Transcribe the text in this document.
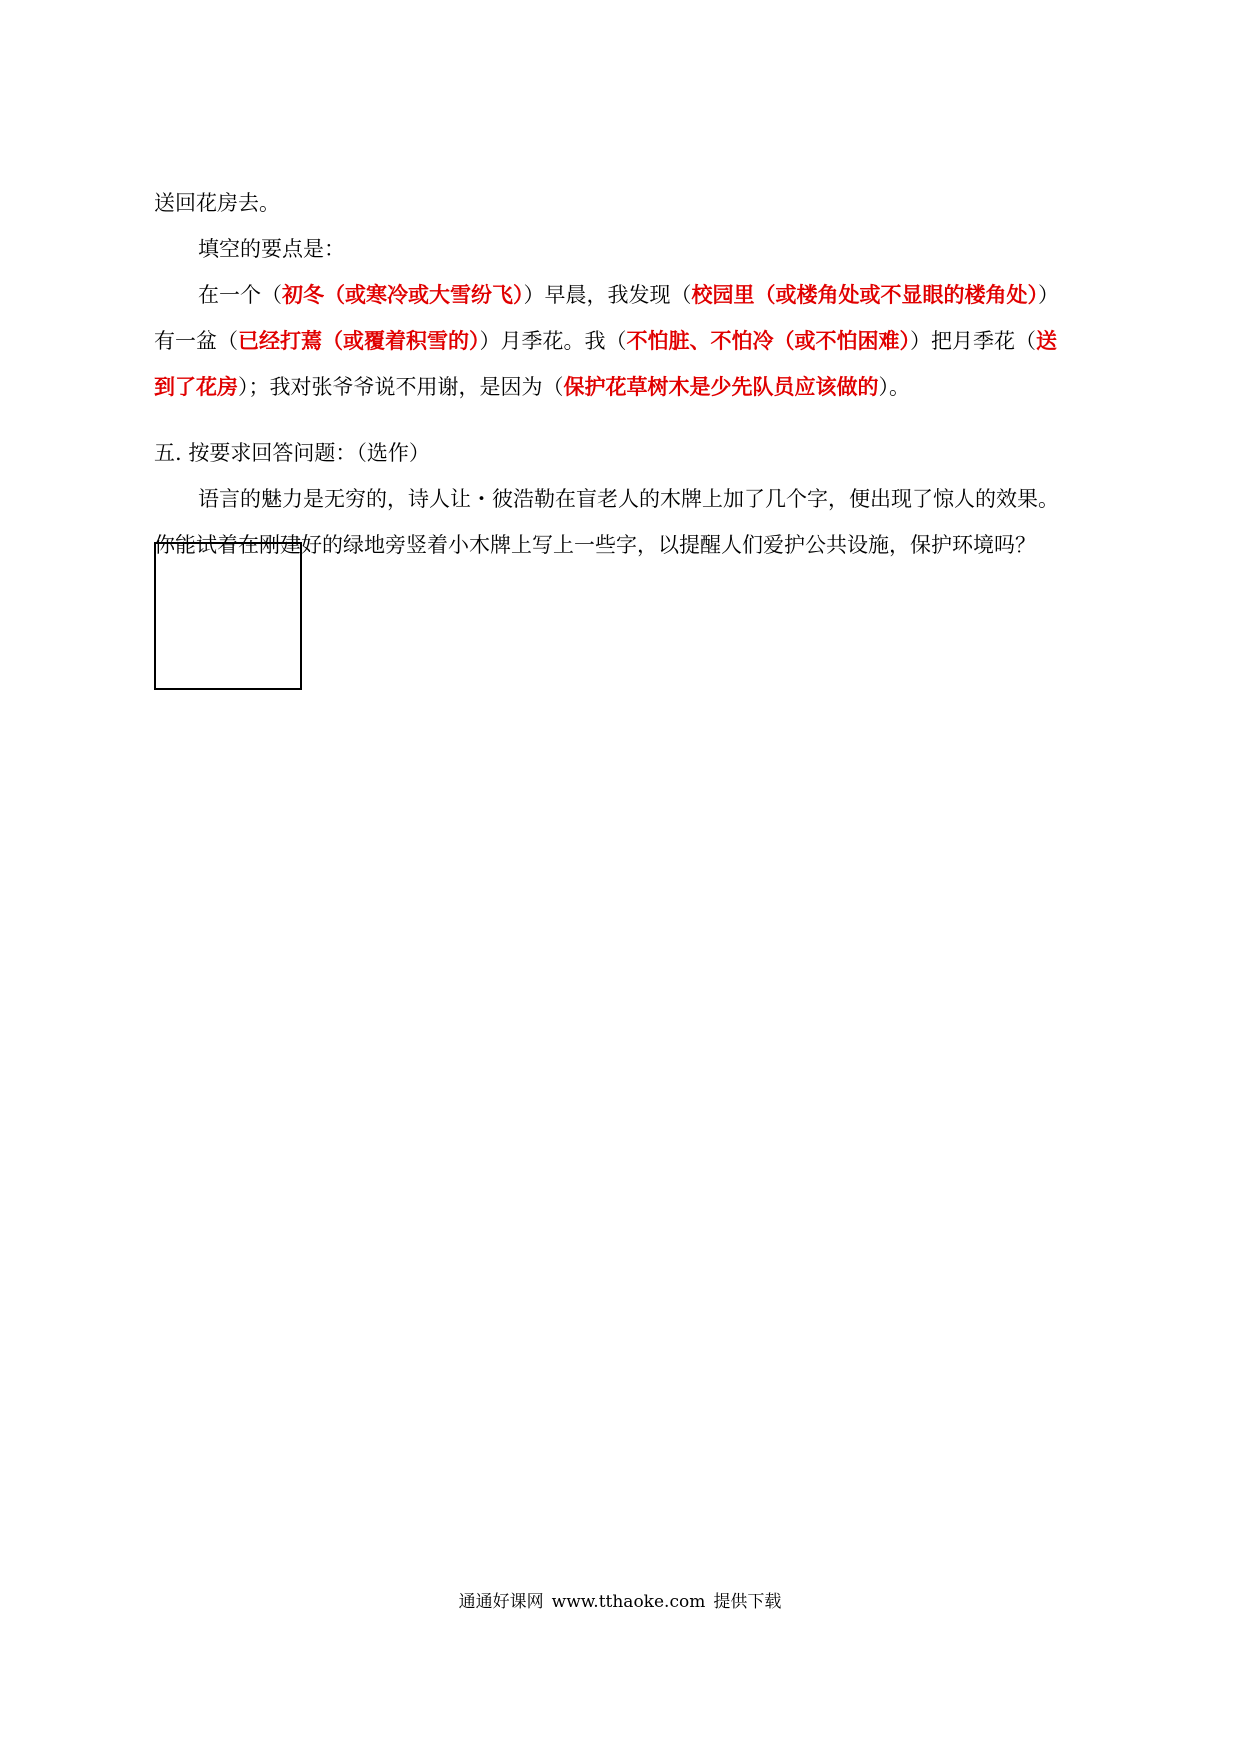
送回花房去。
填空的要点是：
在一个（初冬（或寒冷或大雪纷飞））早晨，我发现（校园里（或楼角处或不显眼的楼角处））
有一盆（已经打蔫（或覆着积雪的））月季花。我（不怕脏、不怕冷（或不怕困难））把月季花（送
到了花房）；我对张爷爷说不用谢，是因为（保护花草树木是少先队员应该做的）。
五. 按要求回答问题：（选作）
语言的魅力是无穷的，诗人让・彼浩勒在盲老人的木牌上加了几个字，便出现了惊人的效果。
你能试着在刚建好的绿地旁竖着小木牌上写上一些字，以提醒人们爱护公共设施，保护环境吗？
通通好课网 www.tthaoke.com 提供下载
